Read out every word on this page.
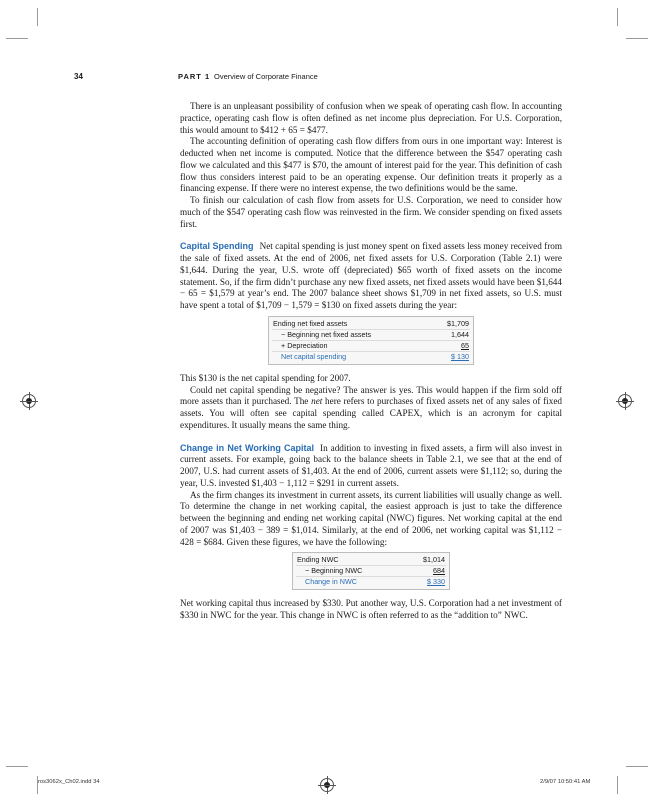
34	PART 1 Overview of Corporate Finance

There is an unpleasant possibility of confusion when we speak of operating cash flow. In accounting practice, operating cash flow is often defined as net income plus depreciation. For U.S. Corporation, this would amount to $412 + 65 = $477.

The accounting definition of operating cash flow differs from ours in one important way: Interest is deducted when net income is computed. Notice that the difference between the $547 operating cash flow we calculated and this $477 is $70, the amount of interest paid for the year. This definition of cash flow thus considers interest paid to be an operating expense. Our definition treats it properly as a financing expense. If there were no interest expense, the two definitions would be the same.

To finish our calculation of cash flow from assets for U.S. Corporation, we need to consider how much of the $547 operating cash flow was reinvested in the firm. We consider spending on fixed assets first.

Capital Spending Net capital spending is just money spent on fixed assets less money received from the sale of fixed assets. At the end of 2006, net fixed assets for U.S. Corporation (Table 2.1) were $1,644. During the year, U.S. wrote off (depreciated) $65 worth of fixed assets on the income statement. So, if the firm didn’t purchase any new fixed assets, net fixed assets would have been $1,644 − 65 = $1,579 at year’s end. The 2007 balance sheet shows $1,709 in net fixed assets, so U.S. must have spent a total of $1,709 − 1,579 = $130 on fixed assets during the year:

Ending net fixed assets	$1,709
− Beginning net fixed assets	1,644
+ Depreciation	65
Net capital spending	$ 130

This $130 is the net capital spending for 2007.

Could net capital spending be negative? The answer is yes. This would happen if the firm sold off more assets than it purchased. The net here refers to purchases of fixed assets net of any sales of fixed assets. You will often see capital spending called CAPEX, which is an acronym for capital expenditures. It usually means the same thing.

Change in Net Working Capital In addition to investing in fixed assets, a firm will also invest in current assets. For example, going back to the balance sheets in Table 2.1, we see that at the end of 2007, U.S. had current assets of $1,403. At the end of 2006, current assets were $1,112; so, during the year, U.S. invested $1,403 − 1,112 = $291 in current assets.

As the firm changes its investment in current assets, its current liabilities will usually change as well. To determine the change in net working capital, the easiest approach is just to take the difference between the beginning and ending net working capital (NWC) figures. Net working capital at the end of 2007 was $1,403 − 389 = $1,014. Similarly, at the end of 2006, net working capital was $1,112 − 428 = $684. Given these figures, we have the following:

Ending NWC	$1,014
− Beginning NWC	684
Change in NWC	$ 330

Net working capital thus increased by $330. Put another way, U.S. Corporation had a net investment of $330 in NWC for the year. This change in NWC is often referred to as the “addition to” NWC.

ros3062x_Ch02.indd 34	2/9/07 10:50:41 AM
